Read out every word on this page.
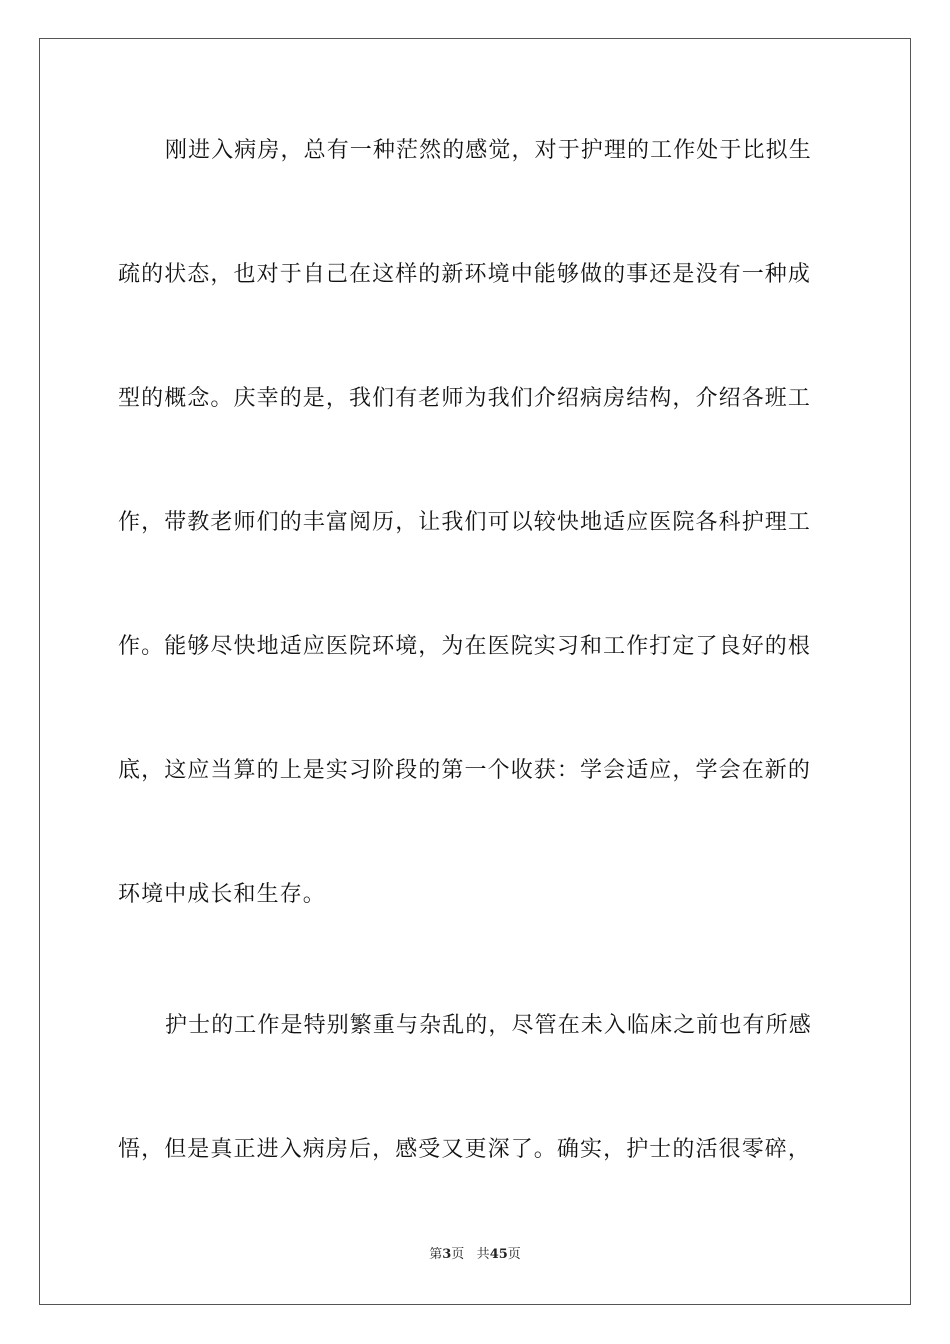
刚进入病房，总有一种茫然的感觉，对于护理的工作处于比拟生
疏的状态，也对于自己在这样的新环境中能够做的事还是没有一种成
型的概念。庆幸的是，我们有老师为我们介绍病房结构，介绍各班工
作，带教老师们的丰富阅历，让我们可以较快地适应医院各科护理工
作。能够尽快地适应医院环境，为在医院实习和工作打定了良好的根
底，这应当算的上是实习阶段的第一个收获：学会适应，学会在新的
环境中成长和生存。
护士的工作是特别繁重与杂乱的，尽管在未入临床之前也有所感
悟，但是真正进入病房后，感受又更深了。确实，护士的活很零碎，
第3页 共45页
